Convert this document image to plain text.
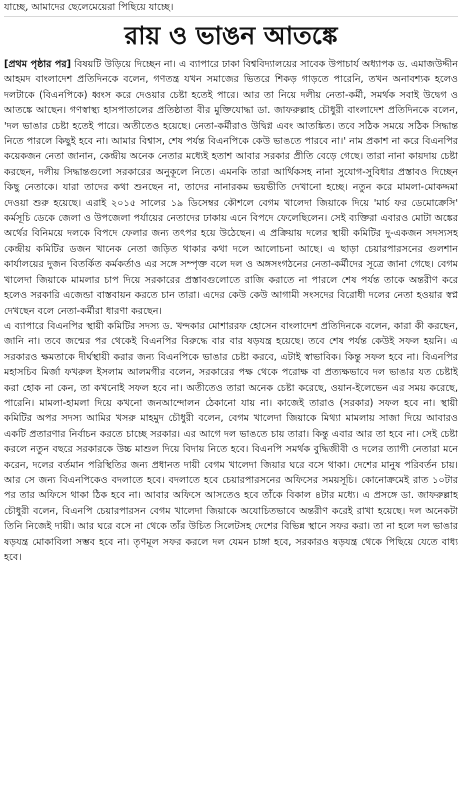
যাচ্ছে, আমাদের ছেলেমেয়েরা পিছিয়ে যাচ্ছে।
রায় ও ভাঙন আতঙ্কে

[প্রথম পৃষ্ঠার পর] বিষয়টি উড়িয়ে দিচ্ছেন না। এ ব্যাপারে ঢাকা বিশ্ববিদ্যালয়ের সাবেক উপাচার্য অধ্যাপক ড. এমাজউদ্দীন আহমদ বাংলাদেশ প্রতিদিনকে বলেন, গণতন্ত্র যখন সমাজের ভিতরে শিকড় গাড়তে পারেনি, তখন অনাবশ্যক হলেও দলটাকে (বিএনপিকে) ধ্বংস করে দেওয়ার চেষ্টা হতেই পারে। আর তা নিয়ে দলীয় নেতা-কর্মী, সমর্থক সবাই উদ্বেগ ও আতঙ্কে আছেন। গণস্বাস্থ্য হাসপাতালের প্রতিষ্ঠাতা বীর মুক্তিযোদ্ধা ডা. জাফরুল্লাহ চৌধুরী বাংলাদেশ প্রতিদিনকে বলেন, 'দল ভাঙার চেষ্টা হতেই পারে। অতীতেও হয়েছে। নেতা-কর্মীরাও উদ্বিগ্ন এবং আতঙ্কিত। তবে সঠিক সময়ে সঠিক সিদ্ধান্ত নিতে পারলে কিছুই হবে না। আমার বিশ্বাস, শেষ পর্যন্ত বিএনপিকে কেউ ভাঙতে পারবে না।' নাম প্রকাশ না করে বিএনপির কয়েকজন নেতা জানান, কেন্দ্রীয় অনেক নেতার মধ্যেই হতাশ আবার সরকার প্রীতি বেড়ে গেছে। তারা নানা কায়দায় চেষ্টা করছেন, দলীয় সিদ্ধান্তগুলো সরকারের অনুকূলে নিতে। এমনকি তারা আর্থিকসহ নানা সুযোগ-সুবিধার প্রস্তাবও দিচ্ছেন কিছু নেতাকে। যারা তাদের কথা শুনছেন না, তাদের নানারকম ভয়ভীতি দেখানো হচ্ছে। নতুন করে মামলা-মোকদ্দমা দেওয়া শুরু হয়েছে। এরাই ২০১৫ সালের ১৯ ডিসেম্বর কৌশলে বেগম খালেদা জিয়াকে দিয়ে 'মার্চ ফর ডেমোক্রেসি' কর্মসূচি ডেকে জেলা ও উপজেলা পর্যায়ের নেতাদের ঢাকায় এনে বিপদে ফেলেছিলেন। সেই ব্যক্তিরা এবারও মোটা অঙ্কের অর্থের বিনিময়ে দলকে বিপদে ফেলার জন্য তৎপর হয়ে উঠেছেন। এ প্রক্রিয়ায় দলের স্থায়ী কমিটির দু-একজন সদস্যসহ কেন্দ্রীয় কমিটির ডজন খানেক নেতা জড়িত থাকার কথা দলে আলোচনা আছে। এ ছাড়া চেয়ারপারসনের গুলশান কার্যালয়ের দুজন বিতর্কিত কর্মকর্তাও এর সঙ্গে সম্পৃক্ত বলে দল ও অঙ্গসংগঠনের নেতা-কর্মীদের সূত্রে জানা গেছে। বেগম খালেদা জিয়াকে মামলার চাপ দিয়ে সরকারের প্রস্তাবগুলোতে রাজি করাতে না পারলে শেষ পর্যন্ত তাকে অন্তরীণ করে হলেও সরকারি এজেন্ডা বাস্তবায়ন করতে চান তারা। এদের কেউ কেউ আগামী সংসদের বিরোধী দলের নেতা হওয়ার স্বপ্ন দেখছেন বলে নেতা-কর্মীরা ধারণা করছেন।

এ ব্যাপারে বিএনপির স্থায়ী কমিটির সদস্য ড. খন্দকার মোশাররফ হোসেন বাংলাদেশ প্রতিদিনকে বলেন, কারা কী করছেন, জানি না। তবে জন্মের পর থেকেই বিএনপির বিরুদ্ধে বার বার ষড়যন্ত্র হয়েছে। তবে শেষ পর্যন্ত কেউই সফল হয়নি। এ সরকারও ক্ষমতাকে দীর্ঘস্থায়ী করার জন্য বিএনপিকে ভাঙার চেষ্টা করবে, এটাই স্বাভাবিক। কিন্তু সফল হবে না। বিএনপির মহাসচিব মির্জা ফখরুল ইসলাম আলমগীর বলেন, সরকারের পক্ষ থেকে পরোক্ষ বা প্রত্যক্ষভাবে দল ভাঙার যত চেষ্টাই করা হোক না কেন, তা কখনোই সফল হবে না। অতীতেও তারা অনেক চেষ্টা করেছে, ওয়ান-ইলেভেন এর সময় করেছে, পারেনি। মামলা-হামলা দিয়ে কখনো জনআন্দোলন ঠেকানো যায় না। কাজেই তারাও (সরকার) সফল হবে না। স্থায়ী কমিটির অপর সদস্য আমির খসরু মাহমুদ চৌধুরী বলেন, বেগম খালেদা জিয়াকে মিথ্যা মামলায় সাজা দিয়ে আবারও একটি প্রতারণার নির্বাচন করতে চাচ্ছে সরকার। এর আগে দল ভাঙতে চায় তারা। কিন্তু এবার আর তা হবে না। সেই চেষ্টা করলে নতুন বছরে সরকারকে উচ্চ মাশুল দিয়ে বিদায় নিতে হবে। বিএনপি সমর্থক বুদ্ধিজীবী ও দলের ত্যাগী নেতারা মনে করেন, দলের বর্তমান পরিস্থিতির জন্য প্রধানত দায়ী বেগম খালেদা জিয়ার ঘরে বসে থাকা। দেশের মানুষ পরিবর্তন চায়। আর সে জন্য বিএনপিকেও বদলাতে হবে। বদলাতে হবে চেয়ারপারসনের অফিসের সময়সূচি। কোনোক্রমেই রাত ১০টার পর তার অফিসে থাকা ঠিক হবে না। আবার অফিসে আসতেও হবে তাঁকে বিকাল ৪টার মধ্যে। এ প্রসঙ্গে ডা. জাফরুল্লাহ চৌধুরী বলেন, বিএনপি চেয়ারপারসন বেগম খালেদা জিয়াকে অযোচিতভাবে অন্তরীণ করেই রাখা হয়েছে। দল অনেকটা তিনি নিজেই দায়ী। আর ঘরে বসে না থেকে তাঁর উচিত সিলেটসহ দেশের বিভিন্ন স্থানে সফর করা। তা না হলে দল ভাঙার ষড়যন্ত্র মোকাবিলা সম্ভব হবে না। তৃণমূল সফর করলে দল যেমন চাঙ্গা হবে, সরকারও ষড়যন্ত্র থেকে পিছিয়ে যেতে বাধ্য হবে।
